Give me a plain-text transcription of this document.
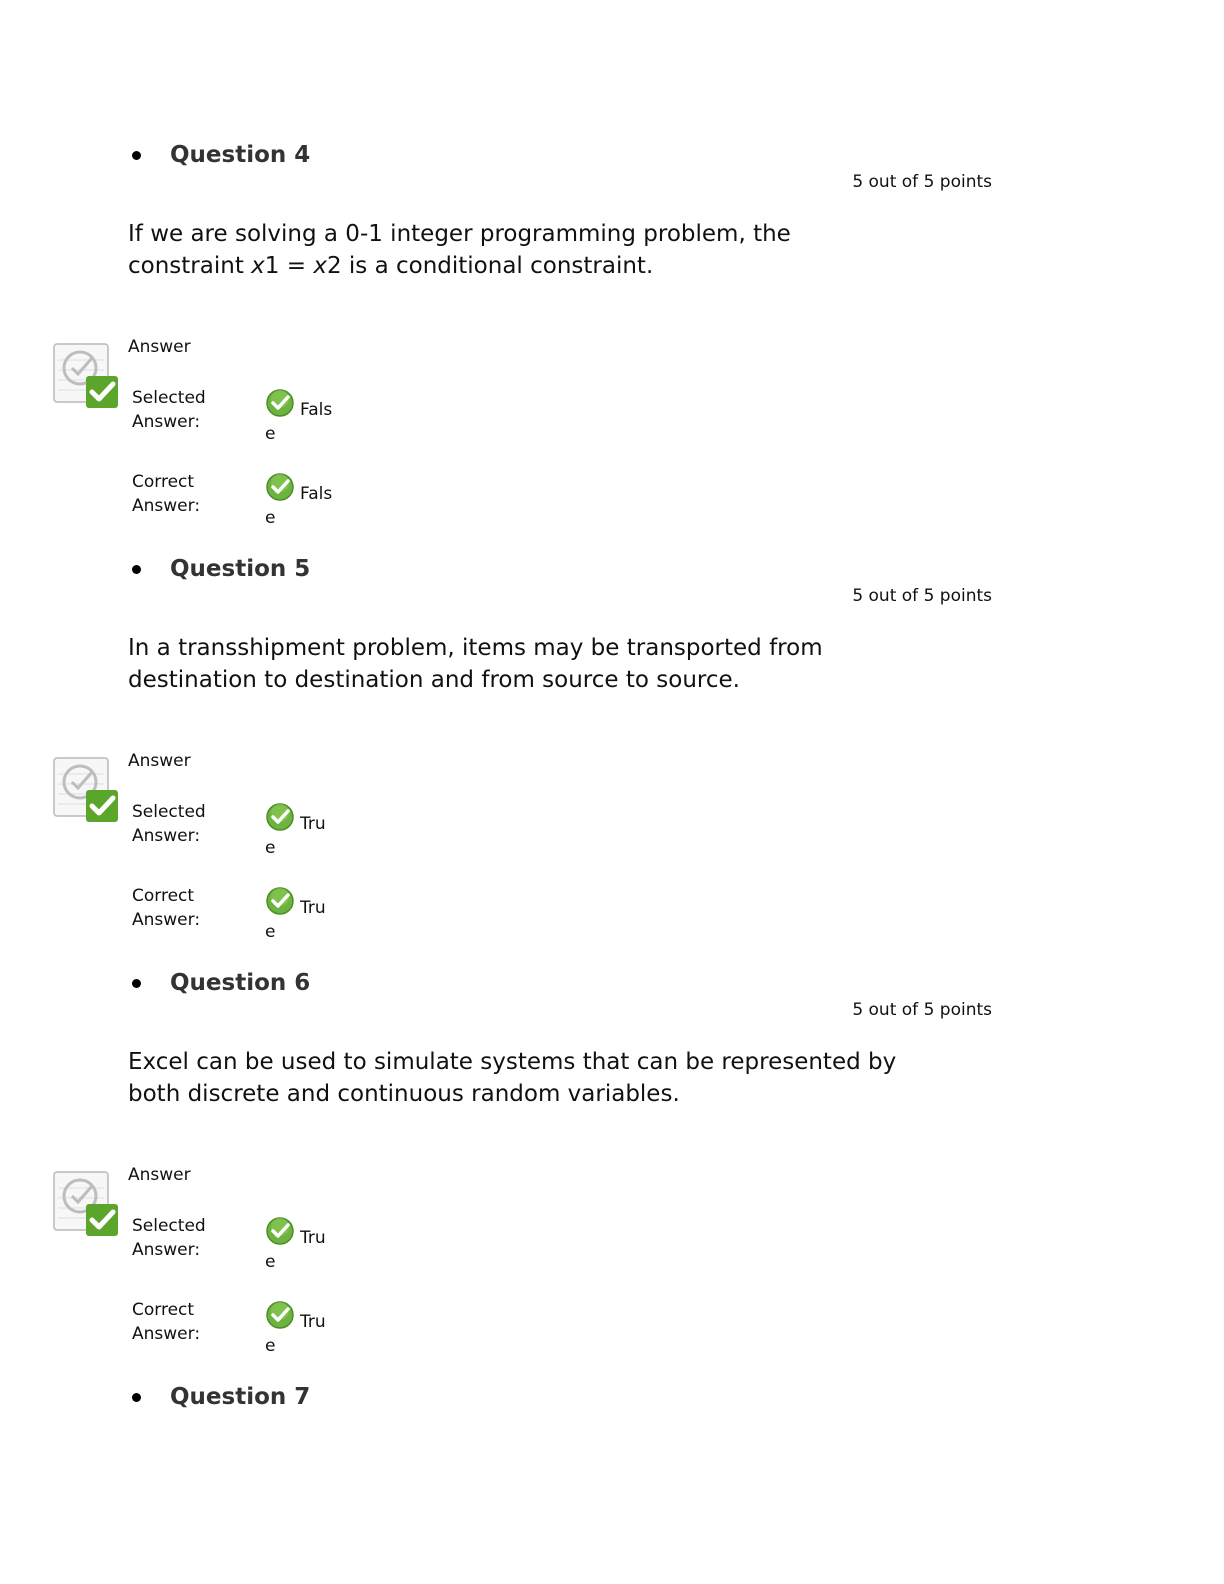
Question 4
5 out of 5 points
If we are solving a 0-1 integer programming problem, the constraint x1 = x2 is a conditional constraint.
Answer
Selected
Answer:
Fals
e
Correct
Answer:
Fals
e
Question 5
5 out of 5 points
In a transshipment problem, items may be transported from destination to destination and from source to source.
Answer
Selected
Answer:
Tru
e
Correct
Answer:
Tru
e
Question 6
5 out of 5 points
Excel can be used to simulate systems that can be represented by both discrete and continuous random variables.
Answer
Selected
Answer:
Tru
e
Correct
Answer:
Tru
e
Question 7
